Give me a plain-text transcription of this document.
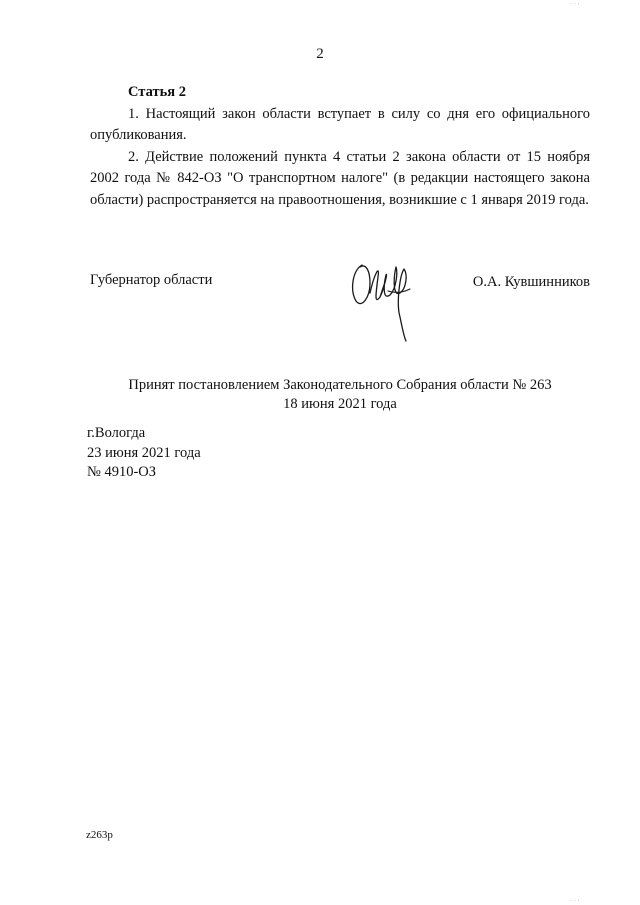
2
Статья 2

1. Настоящий закон области вступает в силу со дня его официального опубликования.

2. Действие положений пункта 4 статьи 2 закона области от 15 ноября 2002 года № 842-ОЗ "О транспортном налоге" (в редакции настоящего закона области) распространяется на правоотношения, возникшие с 1 января 2019 года.

Губернатор области	О.А. Кувшинников
Принят постановлением Законодательного Собрания области № 263
18 июня 2021 года
г.Вологда
23 июня 2021 года
№ 4910-ОЗ
z263р
· · ·
· · ·
